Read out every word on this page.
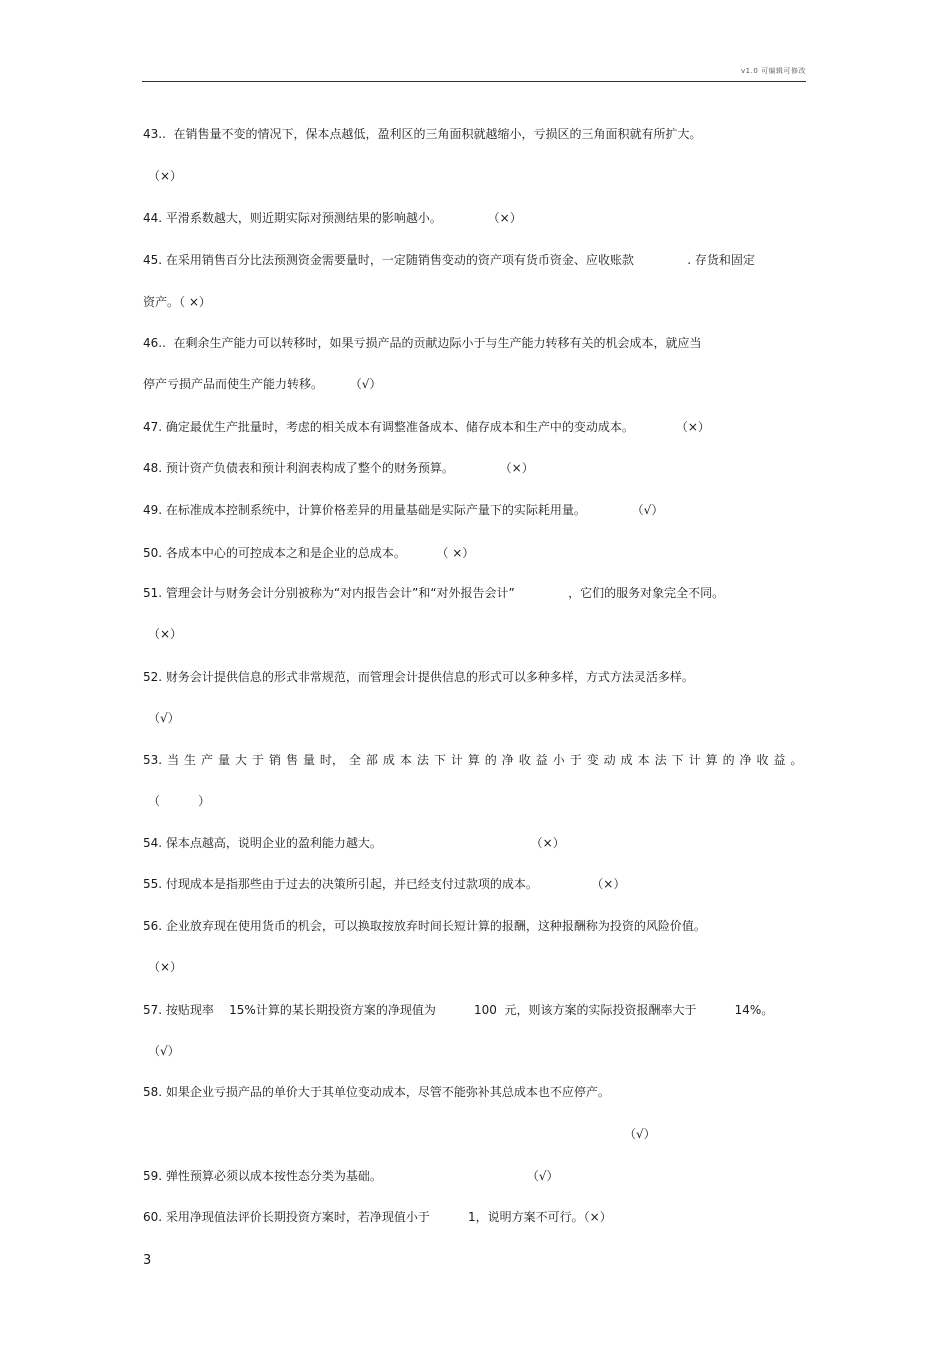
v1.0 可编辑可修改
43..  在销售量不变的情况下，保本点越低，盈利区的三角面积就越缩小，亏损区的三角面积就有所扩大。
（×）
44. 平滑系数越大，则近期实际对预测结果的影响越小。            （×）
45. 在采用销售百分比法预测资金需要量时，一定随销售变动的资产项有货币资金、应收账款              . 存货和固定
资产。（ ×）
46..  在剩余生产能力可以转移时，如果亏损产品的贡献边际小于与生产能力转移有关的机会成本，就应当
停产亏损产品而使生产能力转移。       （√）
47. 确定最优生产批量时，考虑的相关成本有调整准备成本、储存成本和生产中的变动成本。           （×）
48. 预计资产负债表和预计利润表构成了整个的财务预算。            （×）
49. 在标准成本控制系统中，计算价格差异的用量基础是实际产量下的实际耗用量。            （√）
50. 各成本中心的可控成本之和是企业的总成本。        （ ×）
51. 管理会计与财务会计分别被称为“对内报告会计”和“对外报告会计”              ，它们的服务对象完全不同。
（×）
52. 财务会计提供信息的形式非常规范，而管理会计提供信息的形式可以多种多样，方式方法灵活多样。
（√）
（          ）
54. 保本点越高，说明企业的盈利能力越大。                                       （×）
55. 付现成本是指那些由于过去的决策所引起，并已经支付过款项的成本。              （×）
56. 企业放弃现在使用货币的机会，可以换取按放弃时间长短计算的报酬，这种报酬称为投资的风险价值。
（×）
57. 按贴现率    15%计算的某长期投资方案的净现值为          100  元，则该方案的实际投资报酬率大于          14%。
（√）
58. 如果企业亏损产品的单价大于其单位变动成本，尽管不能弥补其总成本也不应停产。
（√）
59. 弹性预算必须以成本按性态分类为基础。                                      （√）
60. 采用净现值法评价长期投资方案时，若净现值小于          1，说明方案不可行。（×）
53. 当 生 产 量 大 于 销 售 量 时， 全 部 成 本 法 下 计 算 的 净 收 益 小 于 变 动 成 本 法 下 计 算 的 净 收 益 。
3
